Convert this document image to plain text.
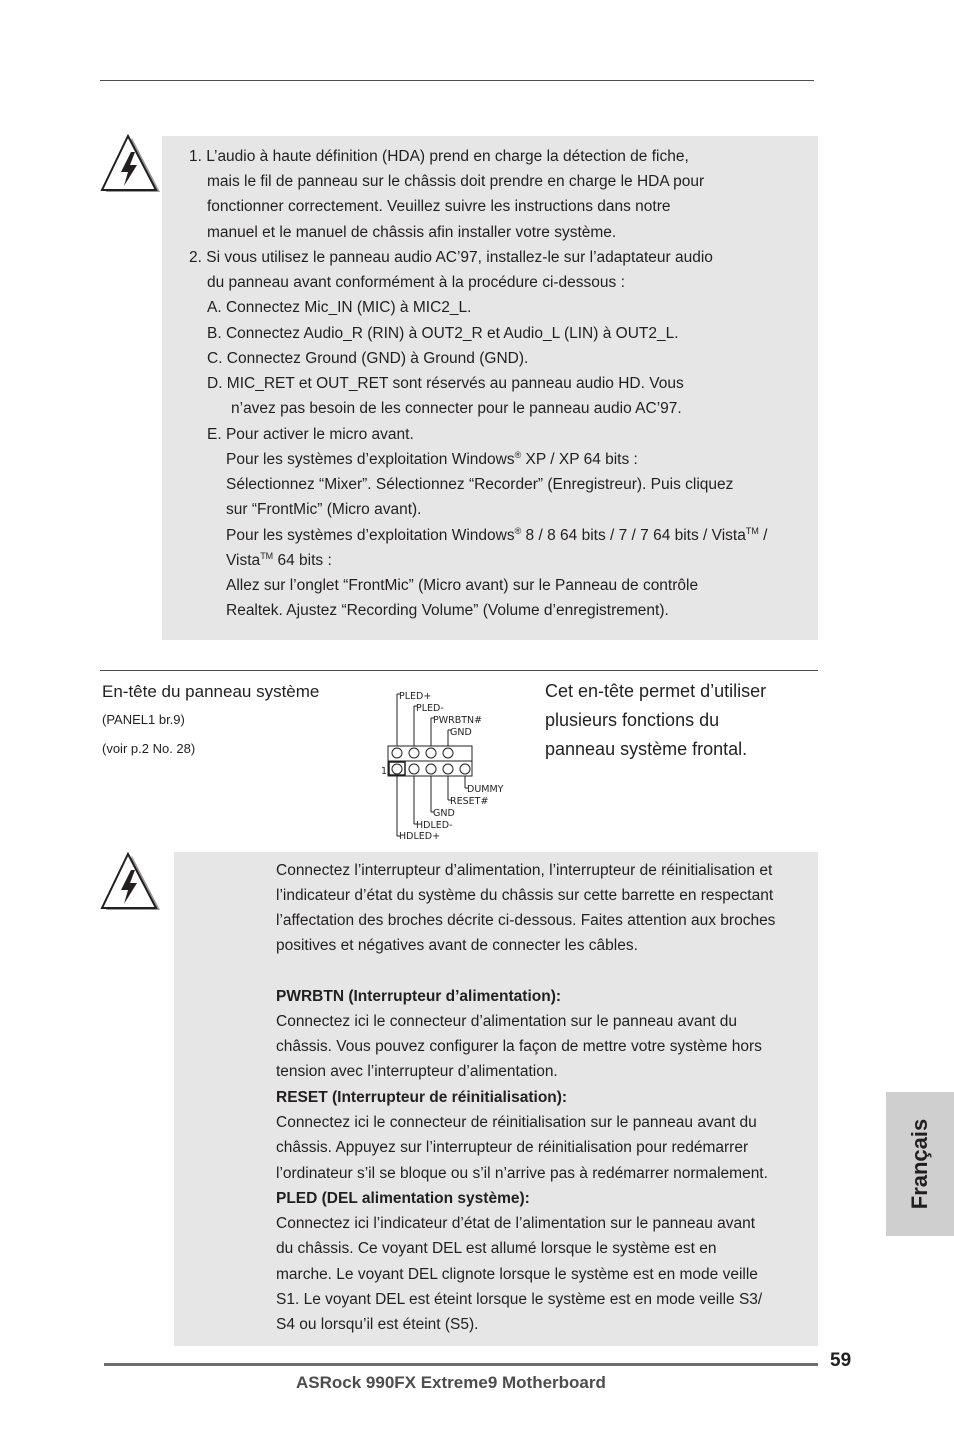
1. L’audio à haute définition (HDA) prend en charge la détection de fiche,
mais le fil de panneau sur le châssis doit prendre en charge le HDA pour
fonctionner correctement. Veuillez suivre les instructions dans notre
manuel et le manuel de châssis afin installer votre système.
2. Si vous utilisez le panneau audio AC’97, installez-le sur l’adaptateur audio
du panneau avant conformément à la procédure ci-dessous :
A. Connectez Mic_IN (MIC) à MIC2_L.
B. Connectez Audio_R (RIN) à OUT2_R et Audio_L (LIN) à OUT2_L.
C. Connectez Ground (GND) à Ground (GND).
D. MIC_RET et OUT_RET sont réservés au panneau audio HD. Vous
n’avez pas besoin de les connecter pour le panneau audio AC’97.
E. Pour activer le micro avant.
Pour les systèmes d’exploitation Windows® XP / XP 64 bits :
Sélectionnez “Mixer”. Sélectionnez “Recorder” (Enregistreur). Puis cliquez
sur “FrontMic” (Micro avant).
Pour les systèmes d’exploitation Windows® 8 / 8 64 bits / 7 / 7 64 bits / Vista™ /
Vista™ 64 bits :
Allez sur l’onglet “FrontMic” (Micro avant) sur le Panneau de contrôle
Realtek. Ajustez “Recording Volume” (Volume d’enregistrement).
En-tête du panneau système
(PANEL1 br.9)
(voir p.2 No. 28)
Cet en-tête permet d’utiliser
plusieurs fonctions du
panneau système frontal.
1
PLED+
PLED-
PWRBTN#
GND
DUMMY
RESET#
GND
HDLED-
HDLED+
Connectez l’interrupteur d’alimentation, l’interrupteur de réinitialisation et
l’indicateur d’état du système du châssis sur cette barrette en respectant
l’affectation des broches décrite ci-dessous. Faites attention aux broches
positives et négatives avant de connecter les câbles.
PWRBTN (Interrupteur d’alimentation):
Connectez ici le connecteur d’alimentation sur le panneau avant du
châssis. Vous pouvez configurer la façon de mettre votre système hors
tension avec l’interrupteur d’alimentation.
RESET (Interrupteur de réinitialisation):
Connectez ici le connecteur de réinitialisation sur le panneau avant du
châssis. Appuyez sur l’interrupteur de réinitialisation pour redémarrer
l’ordinateur s’il se bloque ou s’il n’arrive pas à redémarrer normalement.
PLED (DEL alimentation système):
Connectez ici l’indicateur d’état de l’alimentation sur le panneau avant
du châssis. Ce voyant DEL est allumé lorsque le système est en
marche. Le voyant DEL clignote lorsque le système est en mode veille
S1. Le voyant DEL est éteint lorsque le système est en mode veille S3/
S4 ou lorsqu’il est éteint (S5).
Français
59
ASRock 990FX Extreme9 Motherboard
